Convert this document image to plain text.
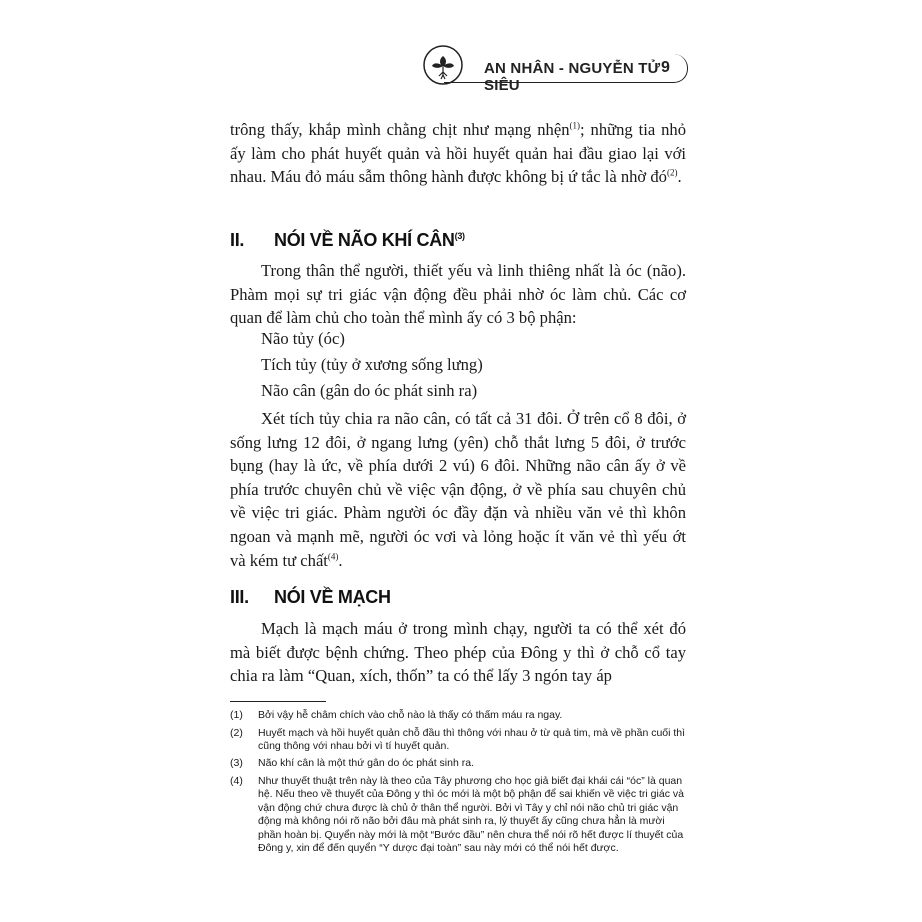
AN NHÂN - NGUYỄN TỬ SIÊU
9

trông thấy, khắp mình chằng chịt như mạng nhện$^{(1)}$; những tia nhỏ ấy làm cho phát huyết quản và hồi huyết quản hai đầu giao lại với nhau. Máu đỏ máu sẫm thông hành được không bị ứ tắc là nhờ $đó^{(2)}$.

II. NÓI VỀ NÃO KHÍ CÂN$^{(3)}$

Trong thân thể người, thiết yếu và linh thiêng nhất là óc (não). Phàm mọi sự tri giác vận động đều phải nhờ óc làm chủ. Các cơ quan để làm chủ cho toàn thể mình ấy có 3 bộ phận:

Não tủy (óc)

Tích tủy (tủy ở xương sống lưng)

Não cân (gân do óc phát sinh ra)

Xét tích tủy chia ra não cân, có tất cả 31 đôi. Ở trên cổ 8 đôi, ở sống lưng 12 đôi, ở ngang lưng (yên) chỗ thắt lưng 5 đôi, ở trước bụng (hay là ức, về phía dưới 2 vú) 6 đôi. Những não cân ấy ở về phía trước chuyên chủ về việc vận động, ở về phía sau chuyên chủ về việc tri giác. Phàm người óc đầy đặn và nhiều văn vẻ thì khôn ngoan và mạnh mẽ, người óc vơi và lỏng hoặc ít văn vẻ thì yếu ớt và kém tư chất$^{(4)}$.

III. NÓI VỀ MẠCH

Mạch là mạch máu ở trong mình chạy, người ta có thể xét đó mà biết được bệnh chứng. Theo phép của Đông y thì ở chỗ cổ tay chia ra làm “Quan, xích, thốn” ta có thể lấy 3 ngón tay áp

(1) Bởi vậy hễ châm chích vào chỗ nào là thấy có thấm máu ra ngay.
(2) Huyết mạch và hồi huyết quản chỗ đầu thì thông với nhau ở từ quả tim, mà về phần cuối thì cũng thông với nhau bởi vì tí huyết quản.
(3) Não khí cân là một thứ gân do óc phát sinh ra.
(4) Như thuyết thuật trên này là theo của Tây phương cho học giả biết đại khái cái “óc” là quan hệ. Nếu theo về thuyết của Đông y thì óc mới là một bộ phận để sai khiến về việc tri giác và vận động chứ chưa được là chủ ở thân thể người. Bởi vì Tây y chỉ nói não chủ tri giác vận động mà không nói rõ não bởi đâu mà phát sinh ra, lý thuyết ấy cũng chưa hẳn là mười phần hoàn bị. Quyển này mới là một “Bước đầu” nên chưa thể nói rõ hết được lí thuyết của Đông y, xin để đến quyển “Y dược đại toàn” sau này mới có thể nói hết được.
